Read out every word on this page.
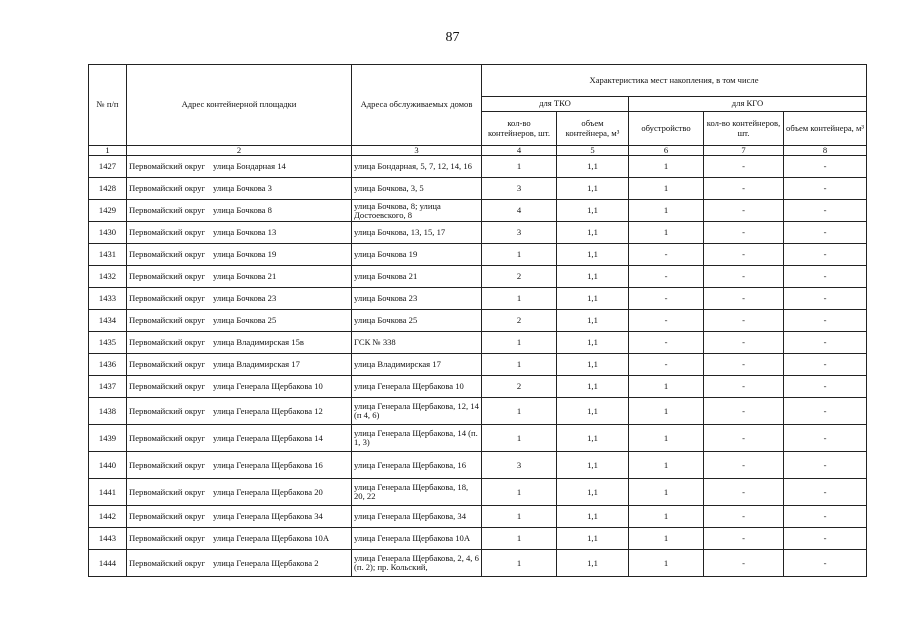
87
№ п/п	Адрес контейнерной площадки	Адреса обслуживаемых домов	Характеристика мест накопления, в том числе				
			для ТКО		для КГО		
			кол-во контейнеров, шт.	объем контейнера, м³	обустройство	кол-во контейнеров, шт.	объем контейнера, м³
1	2	3	4	5	6	7	8
1427	Первомайский округ улица Бондарная 14	улица Бондарная, 5, 7, 12, 14, 16	1	1,1	1	-	-
1428	Первомайский округ улица Бочкова 3	улица Бочкова, 3, 5	3	1,1	1	-	-
1429	Первомайский округ улица Бочкова 8	улица Бочкова, 8; улица Достоевского, 8	4	1,1	1	-	-
1430	Первомайский округ улица Бочкова 13	улица Бочкова, 13, 15, 17	3	1,1	1	-	-
1431	Первомайский округ улица Бочкова 19	улица Бочкова 19	1	1,1	-	-	-
1432	Первомайский округ улица Бочкова 21	улица Бочкова 21	2	1,1	-	-	-
1433	Первомайский округ улица Бочкова 23	улица Бочкова 23	1	1,1	-	-	-
1434	Первомайский округ улица Бочкова 25	улица Бочкова 25	2	1,1	-	-	-
1435	Первомайский округ улица Владимирская 15в	ГСК № 338	1	1,1	-	-	-
1436	Первомайский округ улица Владимирская 17	улица Владимирская 17	1	1,1	-	-	-
1437	Первомайский округ улица Генерала Щербакова 10	улица Генерала Щербакова 10	2	1,1	1	-	-
1438	Первомайский округ улица Генерала Щербакова 12	улица Генерала Щербакова, 12, 14 (п 4, 6)	1	1,1	1	-	-
1439	Первомайский округ улица Генерала Щербакова 14	улица Генерала Щербакова, 14 (п. 1, 3)	1	1,1	1	-	-
1440	Первомайский округ улица Генерала Щербакова 16	улица Генерала Щербакова, 16	3	1,1	1	-	-
1441	Первомайский округ улица Генерала Щербакова 20	улица Генерала Щербакова, 18, 20, 22	1	1,1	1	-	-
1442	Первомайский округ улица Генерала Щербакова 34	улица Генерала Щербакова, 34	1	1,1	1	-	-
1443	Первомайский округ улица Генерала Щербакова 10А	улица Генерала Щербакова 10А	1	1,1	1	-	-
1444	Первомайский округ улица Генерала Щербакова 2	улица Генерала Щербакова, 2, 4, 6 (п. 2); пр. Кольский,	1	1,1	1	-	-
